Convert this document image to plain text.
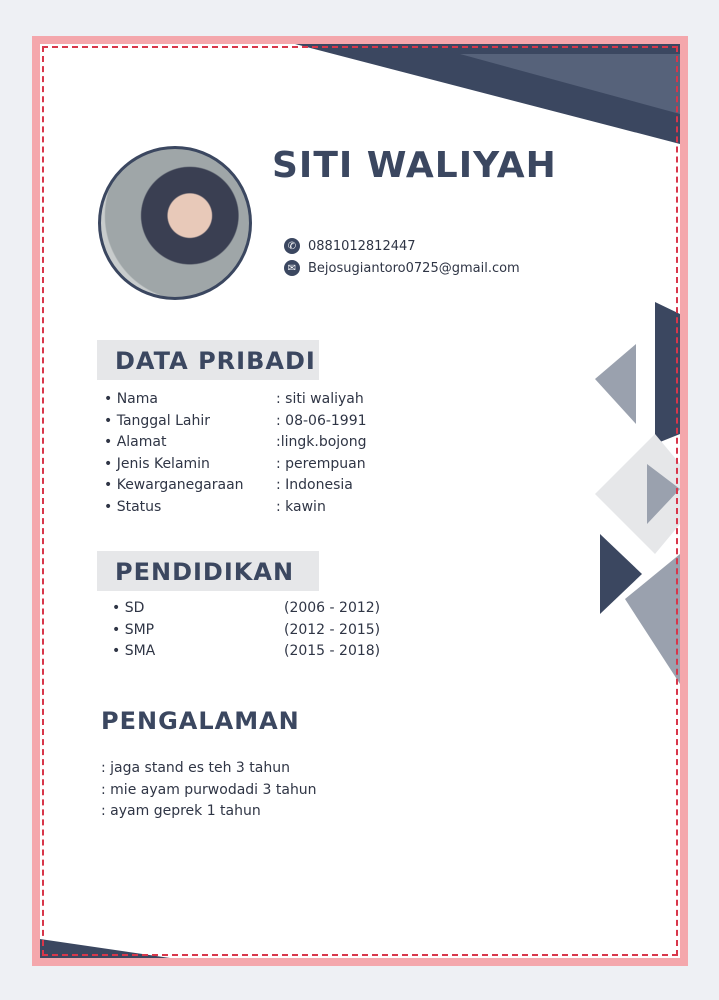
SITI WALIYAH
✆ 0881012812447
✉ Bejosugiantoro0725@gmail.com
DATA PRIBADI
• Nama	: siti waliyah
• Tanggal Lahir	: 08-06-1991
• Alamat	:lingk.bojong
• Jenis Kelamin	: perempuan
• Kewarganegaraan	: Indonesia
• Status	: kawin
PENDIDIKAN
• SD	(2006 - 2012)
• SMP	(2012 - 2015)
• SMA	(2015 - 2018)
PENGALAMAN
: jaga stand es teh 3 tahun
: mie ayam purwodadi 3 tahun
: ayam geprek 1 tahun
